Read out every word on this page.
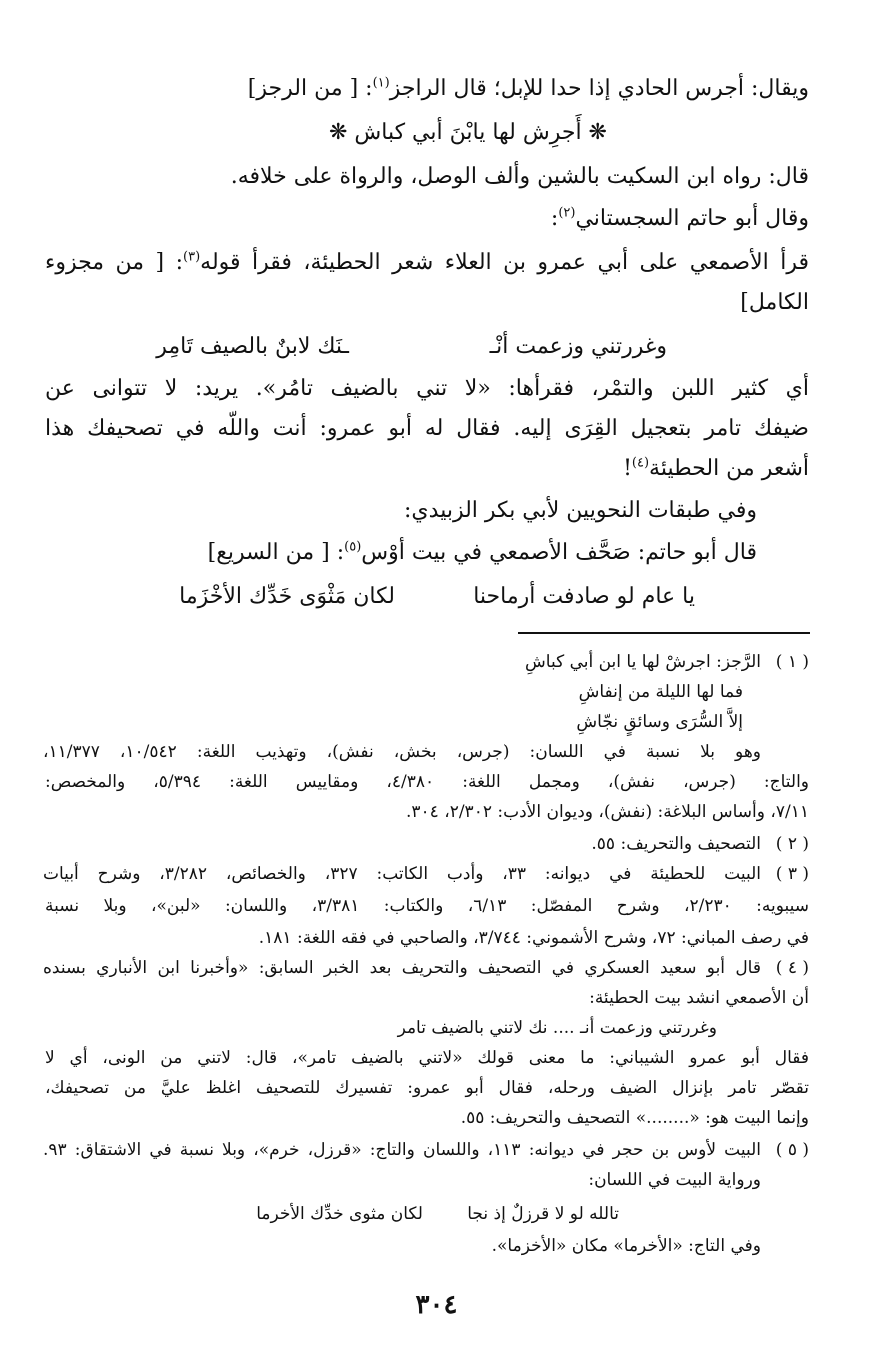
ويقال: أجرس الحادي إذا حدا للإبل؛ قال الراجز$^{(١)}$: [ من الرجز]
❋ أَجرِش لها يابْنَ أبي كباش ❋
قال: رواه ابن السكيت بالشين وألف الوصل، والرواة على خلافه.
وقال أبو حاتم السجستاني$^{(٢)}$:
قرأ الأصمعي على أبي عمرو بن العلاء شعر الحطيئة، فقرأ قوله$^{(٣)}$: [ من مجزوء
الكامل]
وغررتني وزعمت أنْـ
ـنَك لابنٌ بالصيف تَامِر
أي كثير اللبن والتمْر، فقرأها: «لا تني بالضيف تامُر». يريد: لا تتوانى عن
ضيفك تامر بتعجيل القِرَى إليه. فقال له أبو عمرو: أنت واللّه في تصحيفك هذا
أشعر من الحطيئة$^{(٤)}$!
وفي طبقات النحويين لأبي بكر الزبيدي:
قال أبو حاتم: صَحَّف الأصمعي في بيت أوْس$^{(٥)}$: [ من السريع]
يا عام لو صادفت أرماحنا
لكان مَثْوَى خَدِّك الأخْزَما
( ١ )
الرَّجز: اجرشْ لها يا ابن أبي كباشِ
فما لها الليلة من إنفاشِ
إلاَّ السُّرَى وسائقٍ نجّاشِ
وهو بلا نسبة في اللسان: (جرس، بخش، نفش)، وتهذيب اللغة: ١٠/٥٤٢، ١١/٣٧٧،
والتاج: (جرس، نفش)، ومجمل اللغة: ٤/٣٨٠، ومقاييس اللغة: ٥/٣٩٤، والمخصص:
٧/١١، وأساس البلاغة: (نفش)، وديوان الأدب: ٢/٣٠٢، ٣٠٤.
( ٢ )
التصحيف والتحريف: ٥٥.
( ٣ )
البيت للحطيئة في ديوانه: ٣٣، وأدب الكاتب: ٣٢٧، والخصائص، ٣/٢٨٢، وشرح أبيات
سيبويه: ٢/٢٣٠، وشرح المفصّل: ٦/١٣، والكتاب: ٣/٣٨١، واللسان: «لبن»، وبلا نسبة
في رصف المباني: ٧٢، وشرح الأشموني: ٣/٧٤٤، والصاحبي في فقه اللغة: ١٨١.
( ٤ )
قال أبو سعيد العسكري في التصحيف والتحريف بعد الخبر السابق: «وأخبرنا ابن الأنباري بسنده
أن الأصمعي انشد بيت الحطيئة:
وغررتني وزعمت أنـ .... نك لاتني بالضيف تامر
فقال أبو عمرو الشيباني: ما معنى قولك «لاتني بالضيف تامر»، قال: لاتني من الونى، أي لا
تقصّر تامر بإنزال الضيف ورحله، فقال أبو عمرو: تفسيرك للتصحيف اغلظ عليَّ من تصحيفك،
وإنما البيت هو: «........» التصحيف والتحريف: ٥٥.
( ٥ )
البيت لأوس بن حجر في ديوانه: ١١٣، واللسان والتاج: «قرزل، خرم»، وبلا نسبة في الاشتقاق: ٩٣.
ورواية البيت في اللسان:
تالله لو لا قرزلٌ إذ نجا
لكان مثوى خدِّك الأخرما
وفي التاج: «الأخرما» مكان «الأخزما».
٣٠٤
